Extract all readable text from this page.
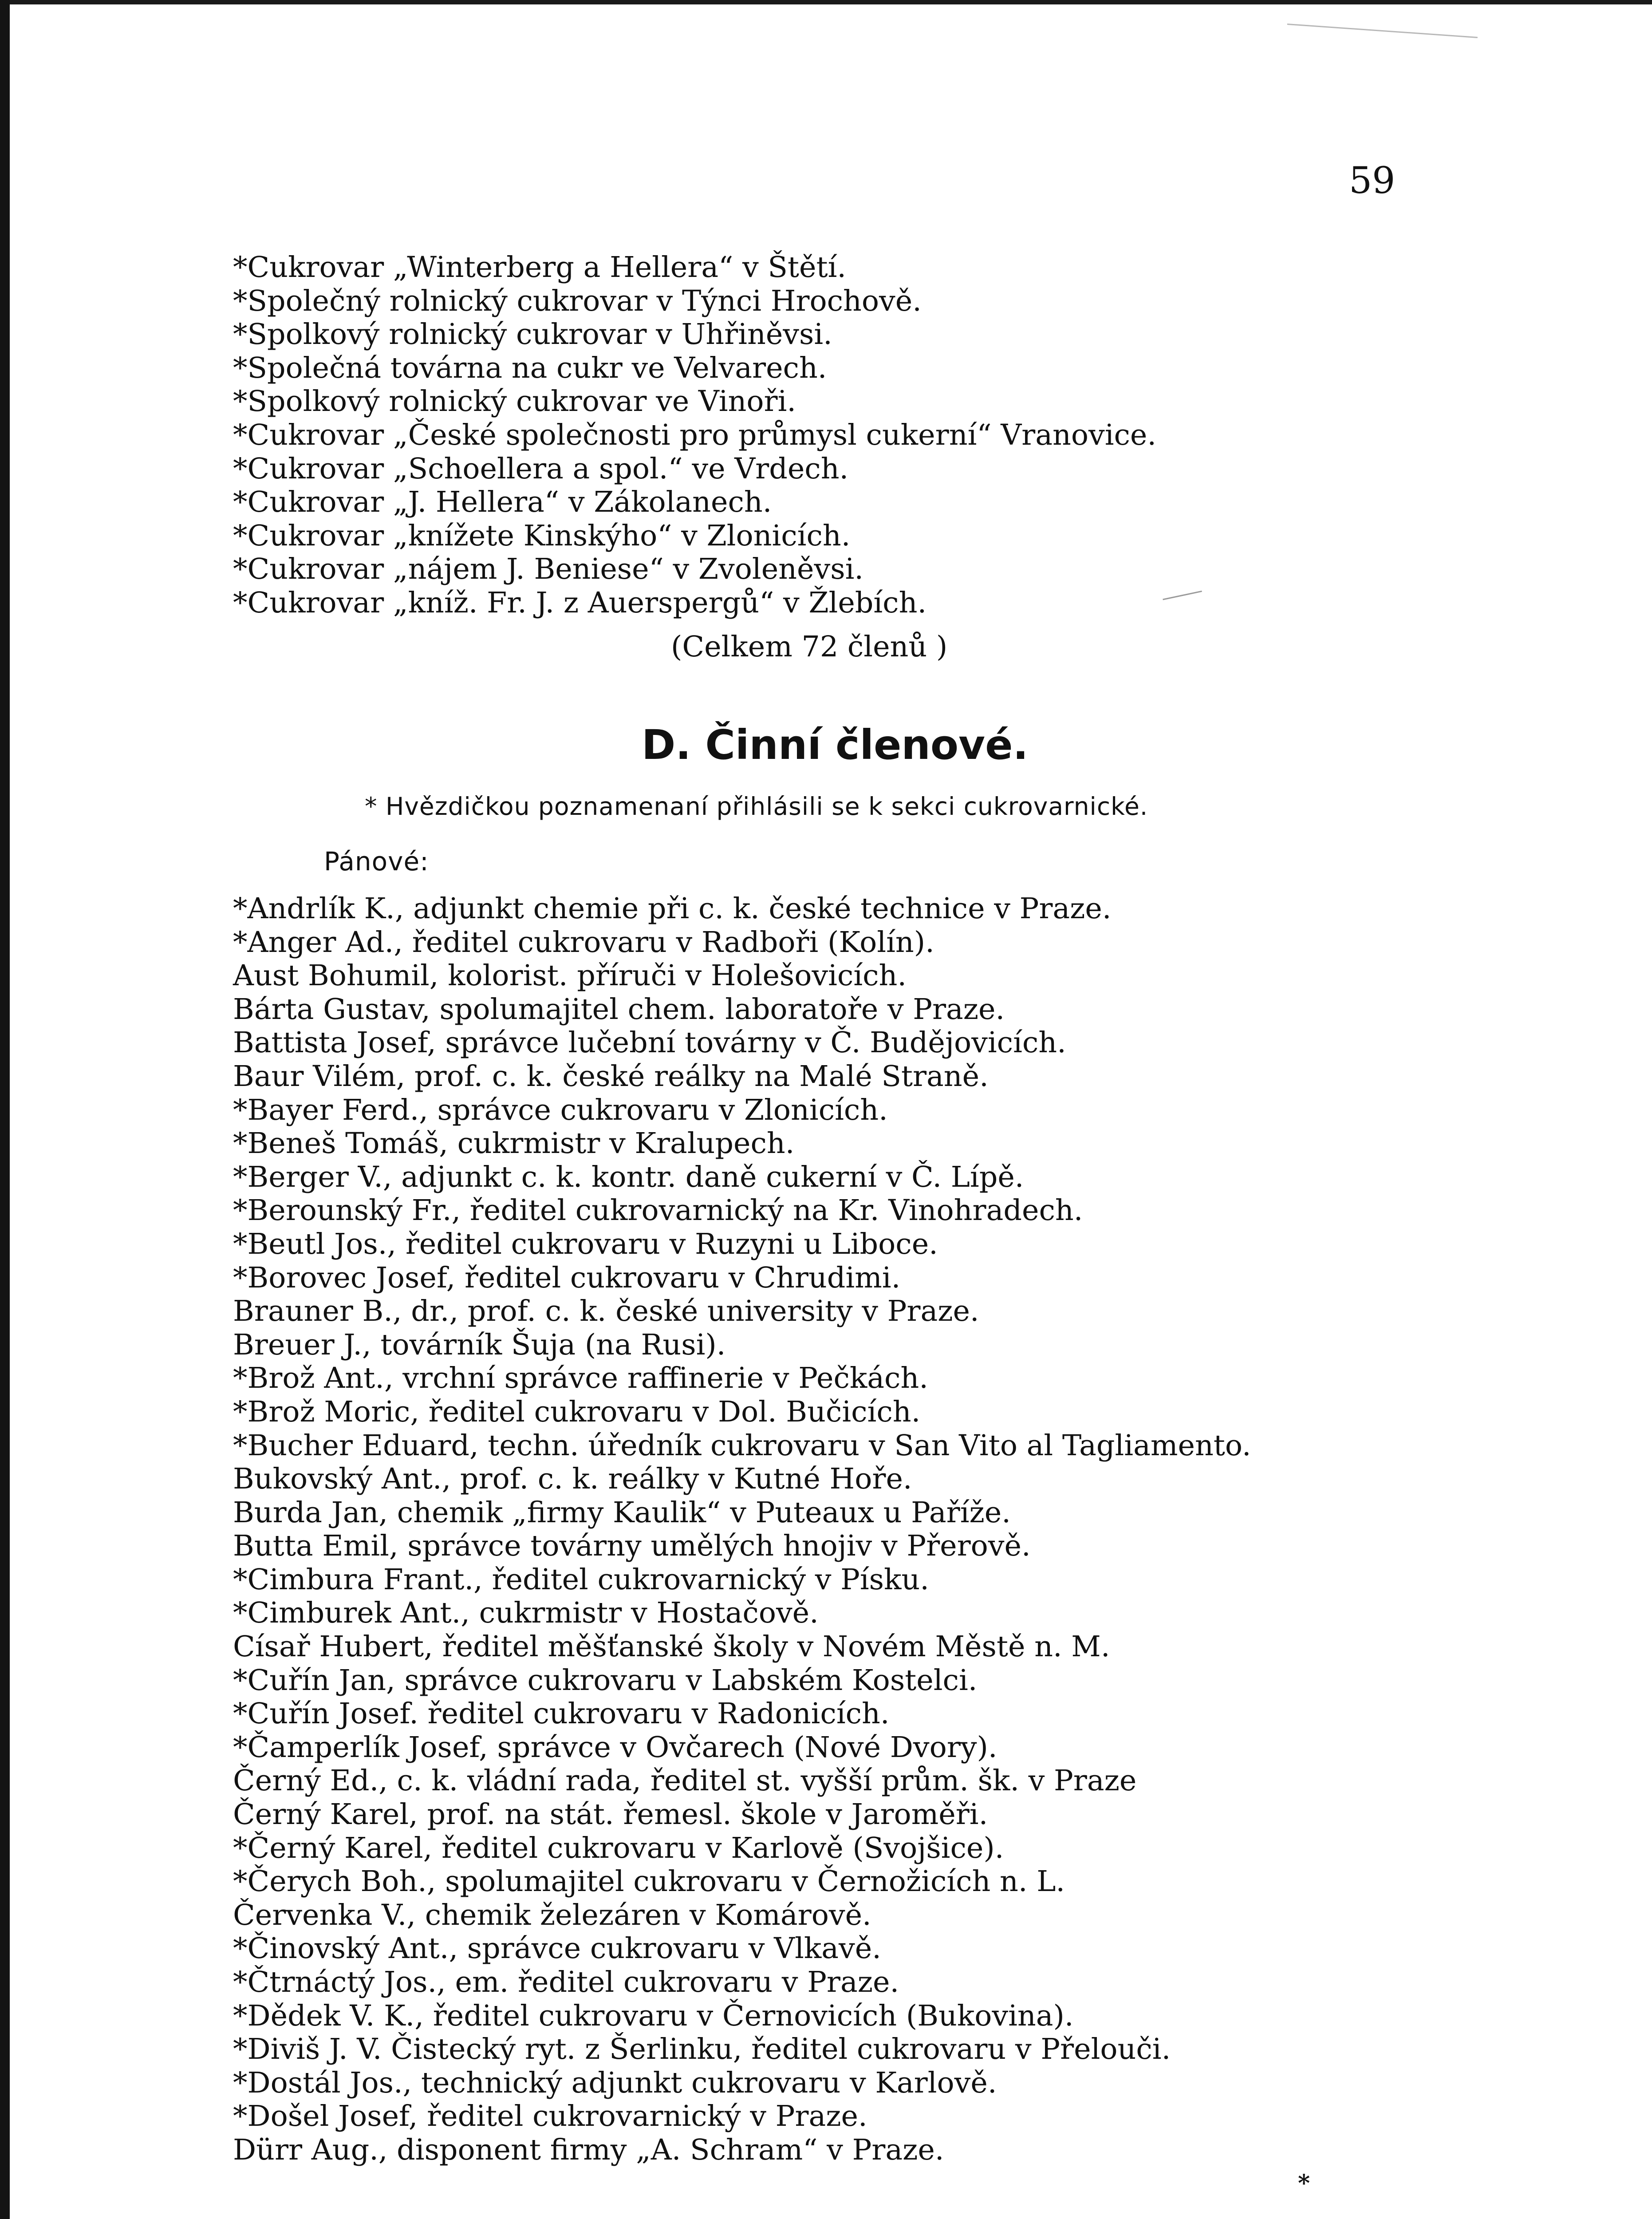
59
*Cukrovar „Winterberg a Hellera“ v Štětí.
*Společný rolnický cukrovar v Týnci Hrochově.
*Spolkový rolnický cukrovar v Uhřiněvsi.
*Společná továrna na cukr ve Velvarech.
*Spolkový rolnický cukrovar ve Vinoři.
*Cukrovar „České společnosti pro průmysl cukerní“ Vranovice.
*Cukrovar „Schoellera a spol.“ ve Vrdech.
*Cukrovar „J. Hellera“ v Zákolanech.
*Cukrovar „knížete Kinskýho“ v Zlonicích.
*Cukrovar „nájem J. Beniese“ v Zvoleněvsi.
*Cukrovar „kníž. Fr. J. z Auerspergů“ v Žlebích.
(Celkem 72 členů )
D. Činní členové.
* Hvězdičkou poznamenaní přihlásili se k sekci cukrovarnické.
Pánové:
*Andrlík K., adjunkt chemie při c. k. české technice v Praze.
*Anger Ad., ředitel cukrovaru v Radboři (Kolín).
Aust Bohumil, kolorist. příruči v Holešovicích.
Bárta Gustav, spolumajitel chem. laboratoře v Praze.
Battista Josef, správce lučební továrny v Č. Budějovicích.
Baur Vilém, prof. c. k. české reálky na Malé Straně.
*Bayer Ferd., správce cukrovaru v Zlonicích.
*Beneš Tomáš, cukrmistr v Kralupech.
*Berger V., adjunkt c. k. kontr. daně cukerní v Č. Lípě.
*Berounský Fr., ředitel cukrovarnický na Kr. Vinohradech.
*Beutl Jos., ředitel cukrovaru v Ruzyni u Liboce.
*Borovec Josef, ředitel cukrovaru v Chrudimi.
Brauner B., dr., prof. c. k. české university v Praze.
Breuer J., továrník Šuja (na Rusi).
*Brož Ant., vrchní správce raffinerie v Pečkách.
*Brož Moric, ředitel cukrovaru v Dol. Bučicích.
*Bucher Eduard, techn. úředník cukrovaru v San Vito al Tagliamento.
Bukovský Ant., prof. c. k. reálky v Kutné Hoře.
Burda Jan, chemik „firmy Kaulik“ v Puteaux u Paříže.
Butta Emil, správce továrny umělých hnojiv v Přerově.
*Cimbura Frant., ředitel cukrovarnický v Písku.
*Cimburek Ant., cukrmistr v Hostačově.
Císař Hubert, ředitel měšťanské školy v Novém Městě n. M.
*Cuřín Jan, správce cukrovaru v Labském Kostelci.
*Cuřín Josef. ředitel cukrovaru v Radonicích.
*Čamperlík Josef, správce v Ovčarech (Nové Dvory).
Černý Ed., c. k. vládní rada, ředitel st. vyšší prům. šk. v Praze
Černý Karel, prof. na stát. řemesl. škole v Jaroměři.
*Černý Karel, ředitel cukrovaru v Karlově (Svojšice).
*Čerych Boh., spolumajitel cukrovaru v Černožicích n. L.
Červenka V., chemik železáren v Komárově.
*Činovský Ant., správce cukrovaru v Vlkavě.
*Čtrnáctý Jos., em. ředitel cukrovaru v Praze.
*Dědek V. K., ředitel cukrovaru v Černovicích (Bukovina).
*Diviš J. V. Čistecký ryt. z Šerlinku, ředitel cukrovaru v Přelouči.
*Dostál Jos., technický adjunkt cukrovaru v Karlově.
*Došel Josef, ředitel cukrovarnický v Praze.
Dürr Aug., disponent firmy „A. Schram“ v Praze.
*
